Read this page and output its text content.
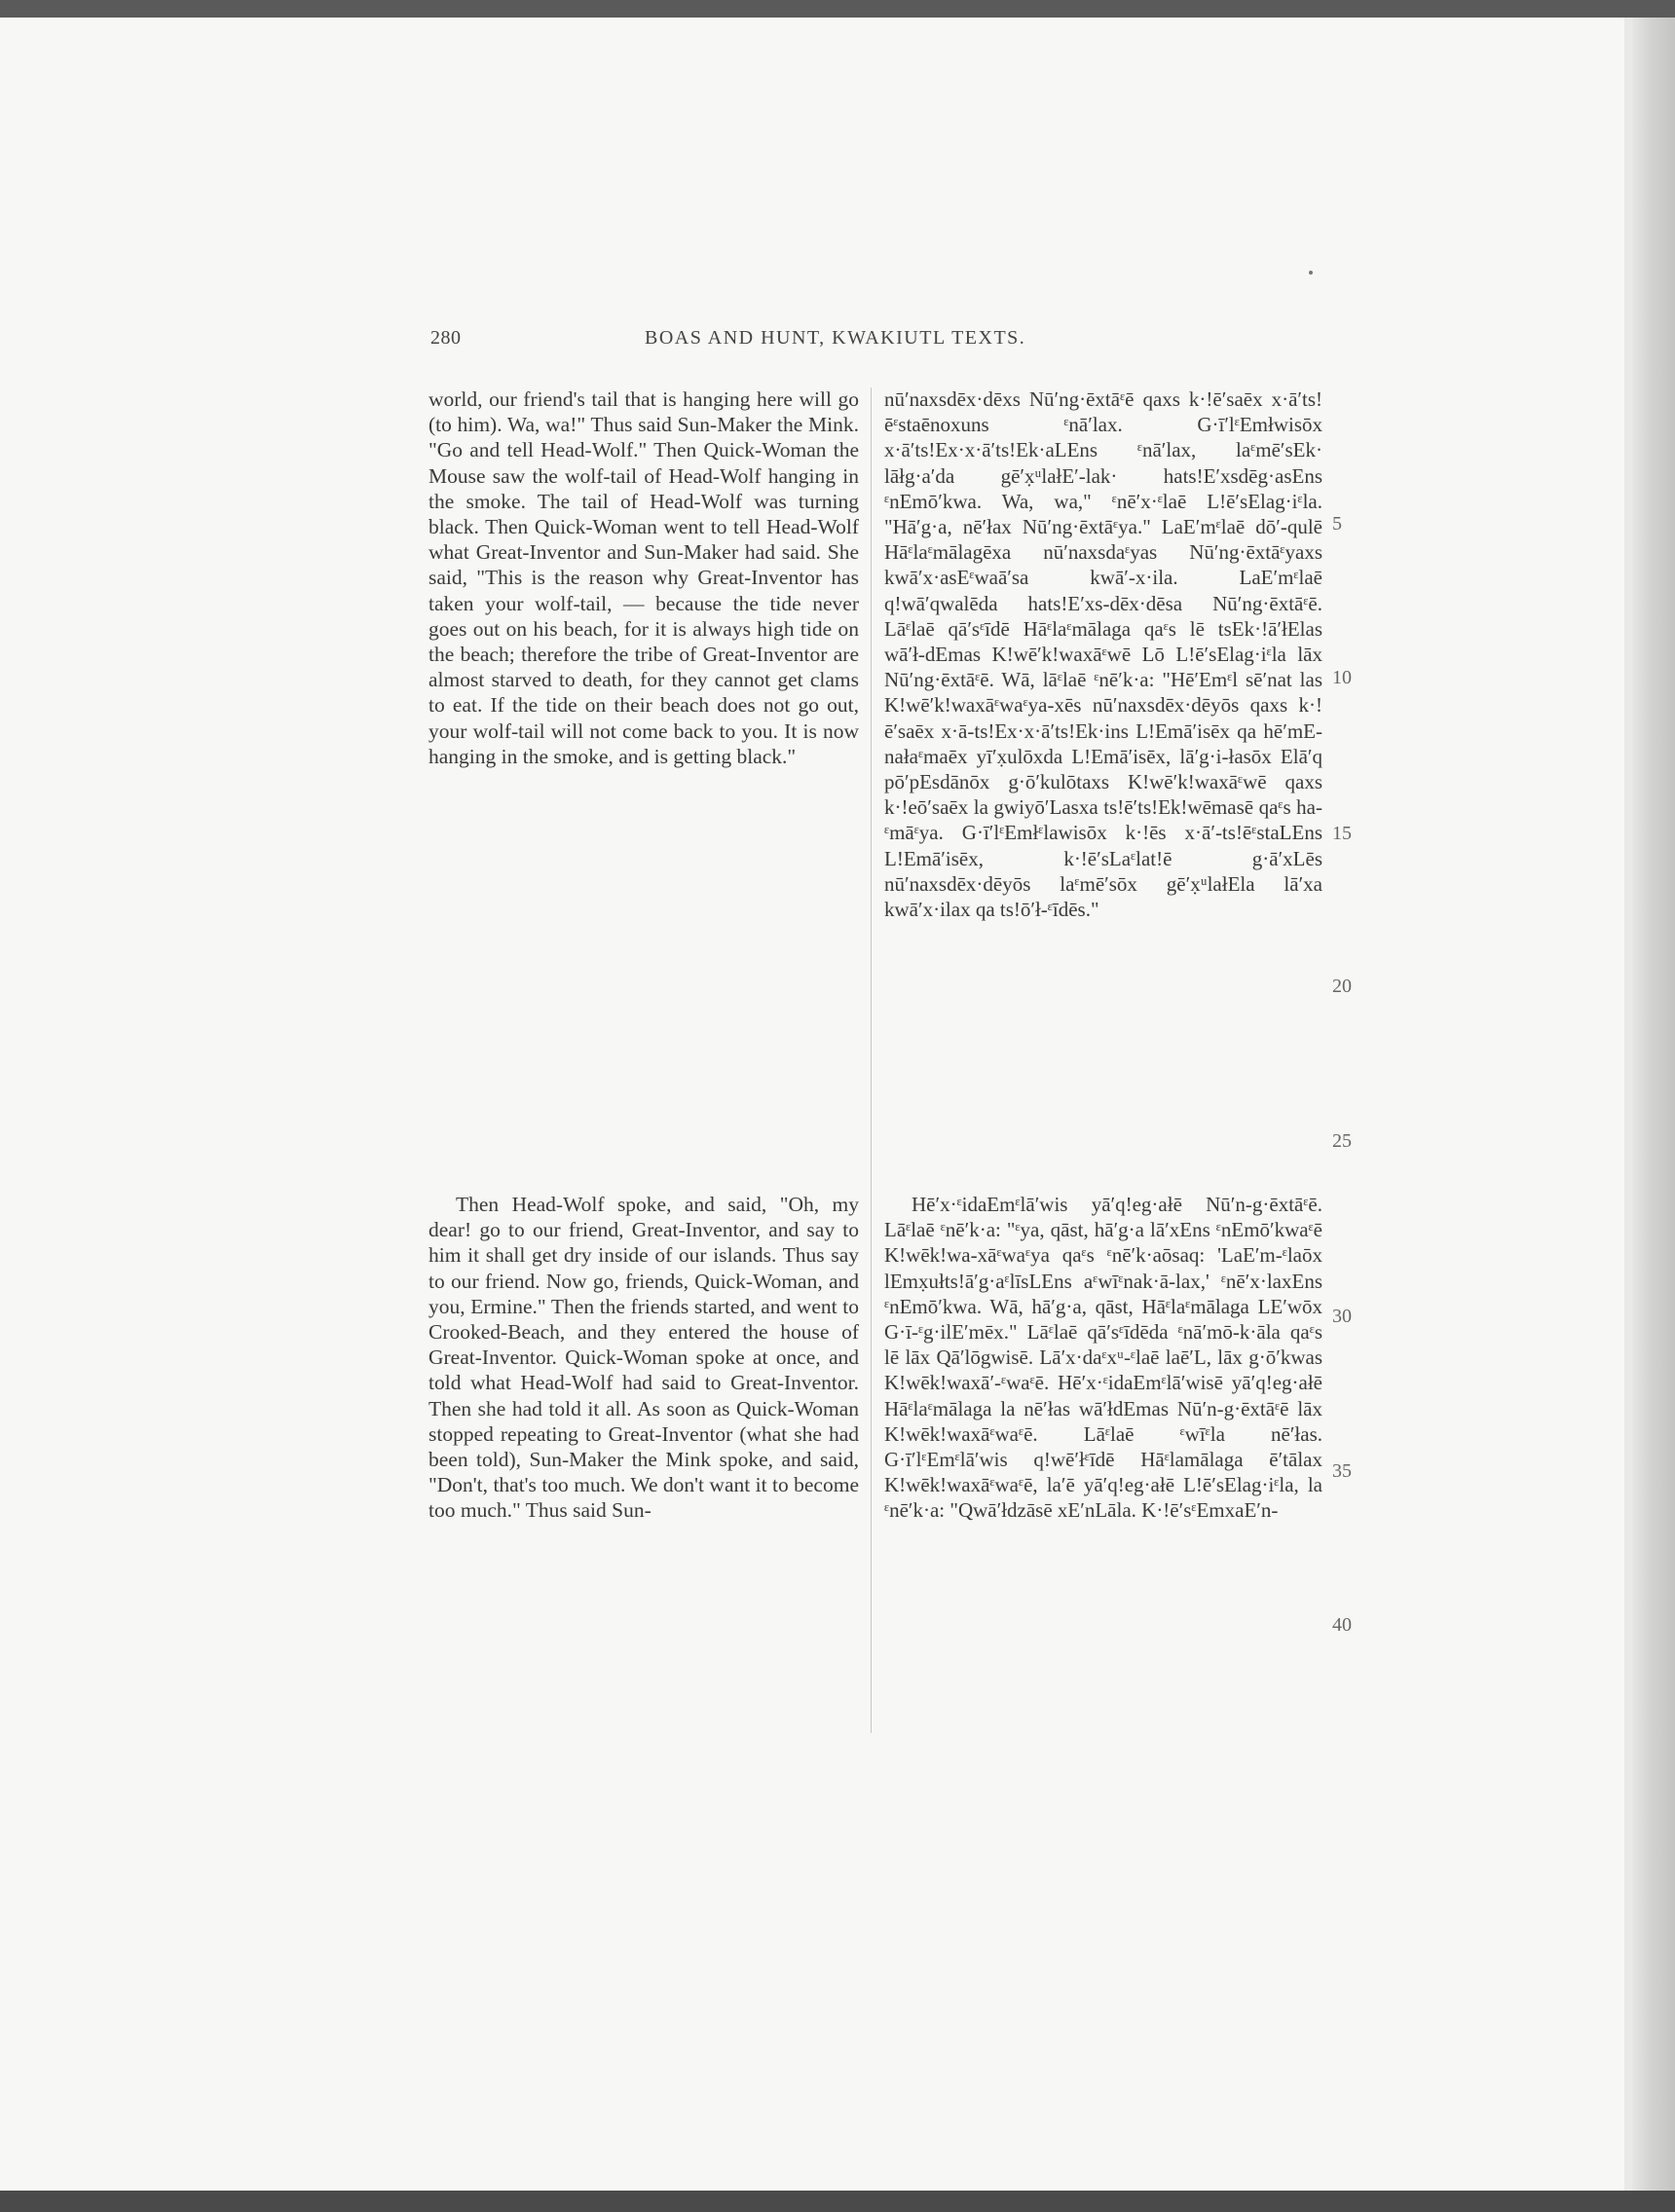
280	BOAS AND HUNT, KWAKIUTL TEXTS.

world, our friend's tail that is hanging here will go (to him). Wa, wa!" Thus said Sun-Maker the Mink. "Go and tell Head-Wolf." Then Quick-Woman the Mouse saw the wolf-tail of Head-Wolf hanging in the smoke. The tail of Head-Wolf was turning black. Then Quick-Woman went to tell Head-Wolf what Great-Inventor and Sun-Maker had said. She said, "This is the reason why Great-Inventor has taken your wolf-tail, — because the tide never goes out on his beach, for it is always high tide on the beach; therefore the tribe of Great-Inventor are almost starved to death, for they cannot get clams to eat. If the tide on their beach does not go out, your wolf-tail will not come back to you. It is now hanging in the smoke, and is getting black."

Then Head-Wolf spoke, and said, "Oh, my dear! go to our friend, Great-Inventor, and say to him it shall get dry inside of our islands. Thus say to our friend. Now go, friends, Quick-Woman, and you, Ermine." Then the friends started, and went to Crooked-Beach, and they entered the house of Great-Inventor. Quick-Woman spoke at once, and told what Head-Wolf had said to Great-Inventor. Then she had told it all. As soon as Quick-Woman stopped repeating to Great-Inventor (what she had been told), Sun-Maker the Mink spoke, and said, "Don't, that's too much. We don't want it to become too much." Thus said Sun-

nū′naxsdēx·dēxs Nū′ng·ēxtāᵋē qaxs k·!ē′saēx x·ā′ts!ēᵋstaēnoxuns ᵋnā′lax. G·ī′lᵋEmłwisōx x·ā′ts!Ex·x·ā′ts!Ek·aLEns ᵋnā′lax, laᵋmē′sEk· lāłg·a′da gē′x̣ᵘlałE′-lak· hats!E′xsdēg·asEns ᵋnEmō′kwa. Wa, wa," ᵋnē′x·ᵋlaē L!ē′sElag·iᵋla. "Hā′g·a, nē′łax Nū′ng·ēxtāᵋya." LaE′mᵋlaē dō′-qulē Hāᵋlaᵋmālagēxa nū′naxsdaᵋyas Nū′ng·ēxtāᵋyaxs kwā′x·asEᵋwaā′sa kwā′-x·ila. LaE′mᵋlaē q!wā′qwalēda hats!E′xs-dēx·dēsa Nū′ng·ēxtāᵋē. Lāᵋlaē qā′sᵋīdē Hāᵋlaᵋmālaga qaᵋs lē tsEk·!ā′łElas wā′ł-dEmas K!wē′k!waxāᵋwē Lō L!ē′sElag·iᵋla lāx Nū′ng·ēxtāᵋē. Wā, lāᵋlaē ᵋnē′k·a: "Hē′Emᵋl sē′nat las K!wē′k!waxāᵋwaᵋya-xēs nū′naxsdēx·dēyōs qaxs k·!ē′saēx x·ā-ts!Ex·x·ā′ts!Ek·ins L!Emā′isēx qa hē′mE-nałaᵋmaēx yī′x̣ulōxda L!Emā′isēx, lā′g·i-łasōx Elā′q pō′pEsdānōx g·ō′kulōtaxs K!wē′k!waxāᵋwē qaxs k·!eō′saēx la gwiyō′Lasxa ts!ē′ts!Ek!wēmasē qaᵋs ha-ᵋmāᵋya. G·ī′lᵋEmłᵋlawisōx k·!ēs x·ā′-ts!ēᵋstaLEns L!Emā′isēx, k·!ē′sLaᵋlat!ē g·ā′xLēs nū′naxsdēx·dēyōs laᵋmē′sōx gē′x̣ᵘlałEla lā′xa kwā′x·ilax qa ts!ō′ł-ᵋīdēs."

Hē′x·ᵋidaEmᵋlā′wis yā′q!eg·ałē Nū′n-g·ēxtāᵋē. Lāᵋlaē ᵋnē′k·a: "ᵋya, qāst, hā′g·a lā′xEns ᵋnEmō′kwaᵋē K!wēk!wa-xāᵋwaᵋya qaᵋs ᵋnē′k·aōsaq: 'LaE′m-ᵋlaōx lEmx̣ułts!ā′g·aᵋlīsLEns aᵋwīᵋnak·ā-lax,' ᵋnē′x·laxEns ᵋnEmō′kwa. Wā, hā′g·a, qāst, Hāᵋlaᵋmālaga LE′wōx G·ī-ᵋg·ilE′mēx." Lāᵋlaē qā′sᵋīdēda ᵋnā′mō-k·āla qaᵋs lē lāx Qā′lōgwisē. Lā′x·daᵋxᵘ-ᵋlaē laē′L, lāx g·ō′kwas K!wēk!waxā′-ᵋwaᵋē. Hē′x·ᵋidaEmᵋlā′wisē yā′q!eg·ałē Hāᵋlaᵋmālaga la nē′łas wā′łdEmas Nū′n-g·ēxtāᵋē lāx K!wēk!waxāᵋwaᵋē. Lāᵋlaē ᵋwīᵋla nē′łas. G·ī′lᵋEmᵋlā′wis q!wē′łᵋīdē Hāᵋlamālaga ē′tālax K!wēk!waxāᵋwaᵋē, la′ē yā′q!eg·ałē L!ē′sElag·iᵋla, la ᵋnē′k·a: "Qwā′łdzāsē xE′nLāla. K·!ē′sᵋEmxaE′n-

5
10
15
20
25
30
35
40
